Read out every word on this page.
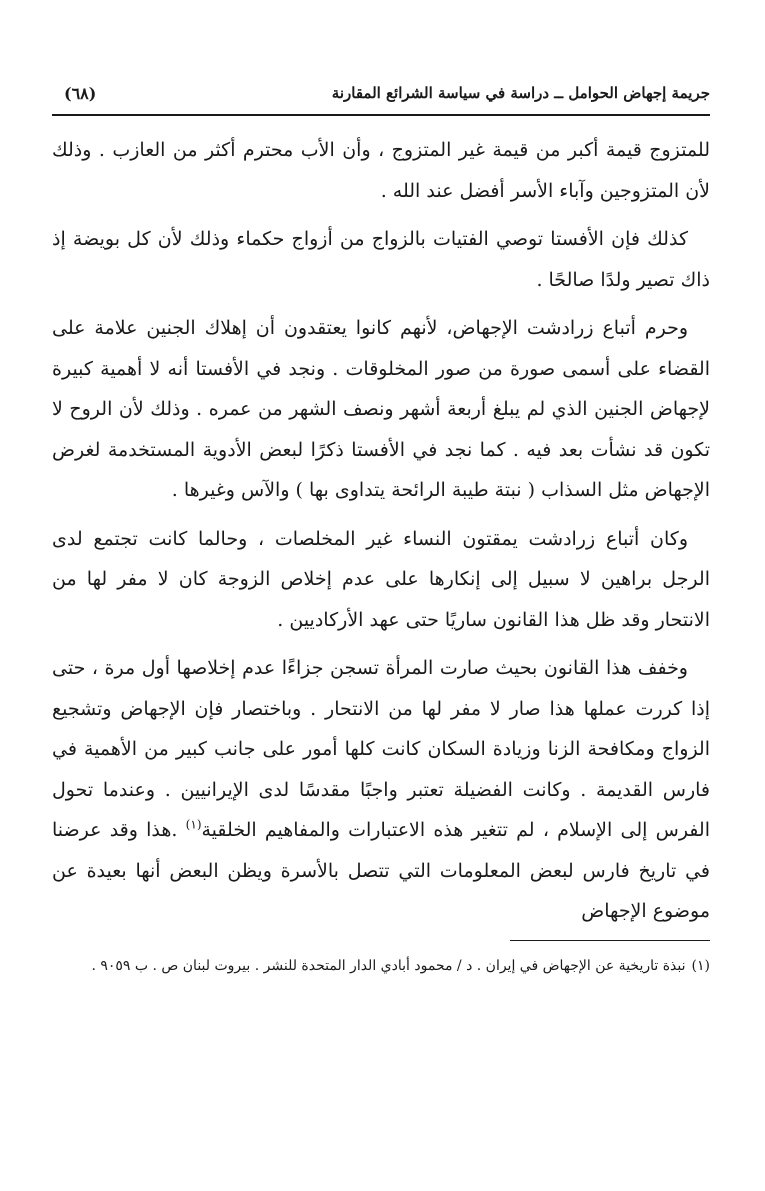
جريمة إجهاض الحوامل ــ دراسة في سياسة الشرائع المقارنة
(٦٨)

للمتزوج قيمة أكبر من قيمة غير المتزوج ، وأن الأب محترم أكثر من العازب . وذلك لأن المتزوجين وآباء الأسر أفضل عند الله .

كذلك فإن الأفستا توصي الفتيات بالزواج من أزواج حكماء وذلك لأن كل بويضة إذ ذاك تصير ولدًا صالحًا .

وحرم أتباع زرادشت الإجهاض، لأنهم كانوا يعتقدون أن إهلاك الجنين علامة على القضاء على أسمى صورة من صور المخلوقات . ونجد في الأفستا أنه لا أهمية كبيرة لإجهاض الجنين الذي لم يبلغ أربعة أشهر ونصف الشهر من عمره . وذلك لأن الروح لا تكون قد نشأت بعد فيه . كما نجد في الأفستا ذكرًا لبعض الأدوية المستخدمة لغرض الإجهاض مثل السذاب ( نبتة طيبة الرائحة يتداوى بها ) والآس وغيرها .

وكان أتباع زرادشت يمقتون النساء غير المخلصات ، وحالما كانت تجتمع لدى الرجل براهين لا سبيل إلى إنكارها على عدم إخلاص الزوجة كان لا مفر لها من الانتحار وقد ظل هذا القانون ساريًا حتى عهد الأركاديين .

وخفف هذا القانون بحيث صارت المرأة تسجن جزاءًا عدم إخلاصها أول مرة ، حتى إذا كررت عملها هذا صار لا مفر لها من الانتحار . وباختصار فإن الإجهاض وتشجيع الزواج ومكافحة الزنا وزيادة السكان كانت كلها أمور على جانب كبير من الأهمية في فارس القديمة . وكانت الفضيلة تعتبر واجبًا مقدسًا لدى الإيرانيين . وعندما تحول الفرس إلى الإسلام ، لم تتغير هذه الاعتبارات والمفاهيم الخلقية$^{(١)}$ .هذا وقد عرضنا في تاريخ فارس لبعض المعلومات التي تتصل بالأسرة ويظن البعض أنها بعيدة عن موضوع الإجهاض

(١)نبذة تاريخية عن الإجهاض في إيران . د / محمود أبادي الدار المتحدة للنشر . بيروت لبنان ص . ب ٩٠٥٩ .
